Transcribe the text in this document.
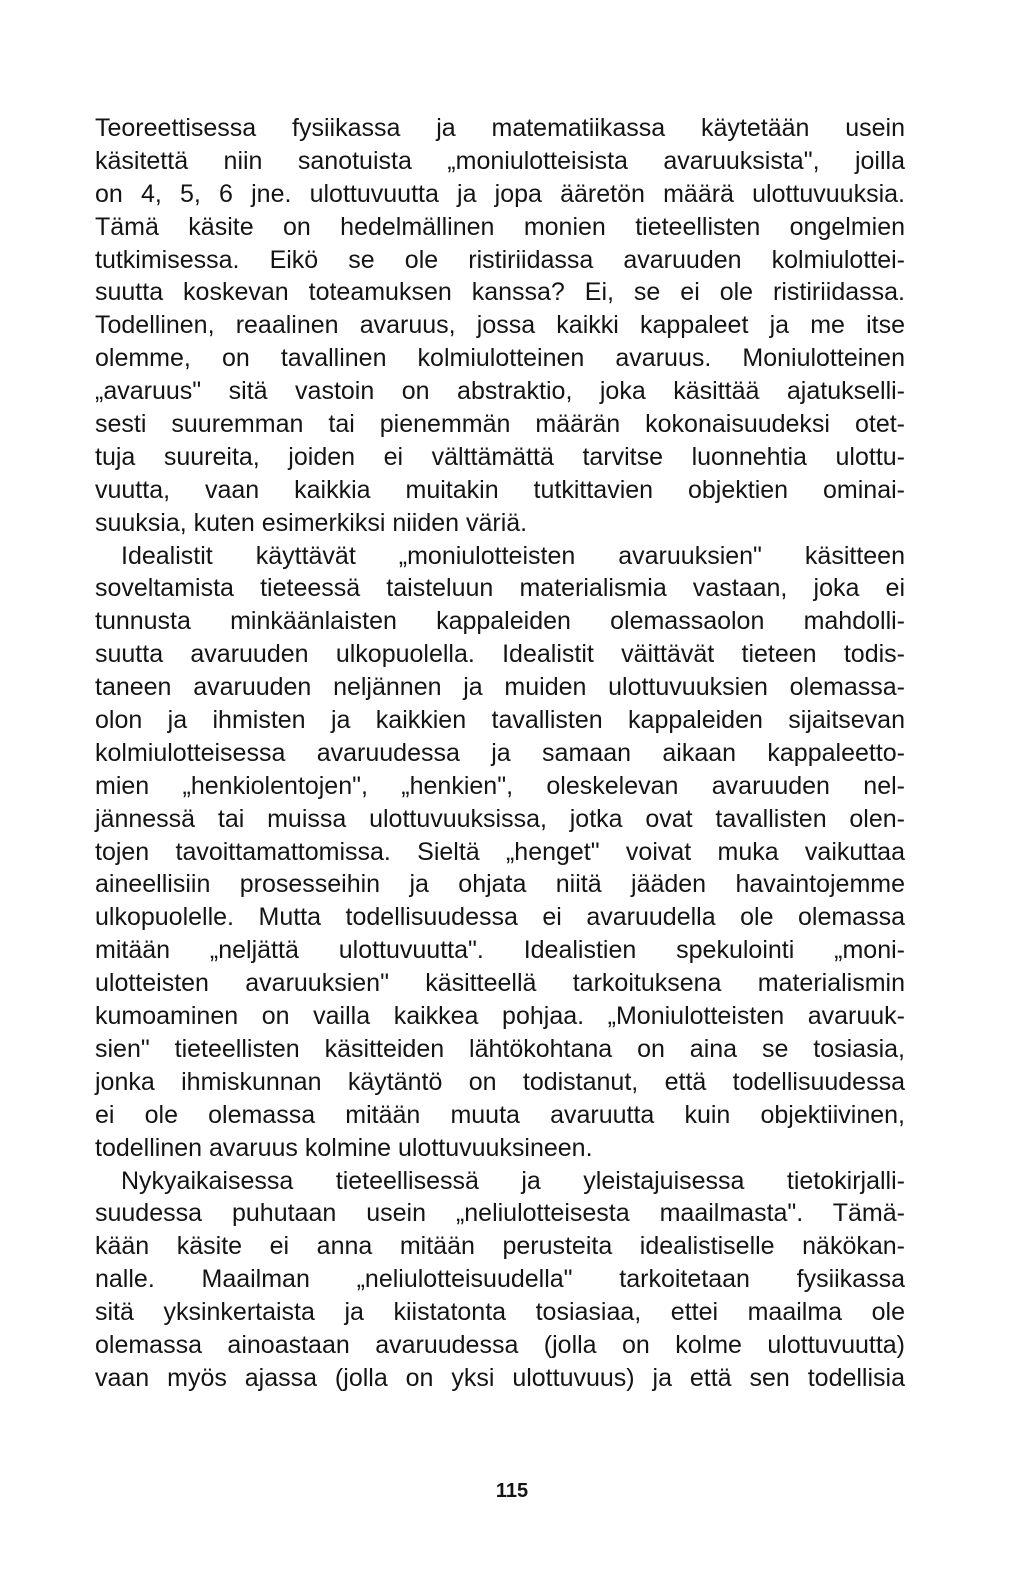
Teoreettisessa fysiikassa ja matematiikassa käytetään usein
käsitettä niin sanotuista „moniulotteisista avaruuksista", joilla
on 4, 5, 6 jne. ulottuvuutta ja jopa ääretön määrä ulottuvuuksia.
Tämä käsite on hedelmällinen monien tieteellisten ongelmien
tutkimisessa. Eikö se ole ristiriidassa avaruuden kolmiulottei-
suutta koskevan toteamuksen kanssa? Ei, se ei ole ristiriidassa.
Todellinen, reaalinen avaruus, jossa kaikki kappaleet ja me itse
olemme, on tavallinen kolmiulotteinen avaruus. Moniulotteinen
„avaruus" sitä vastoin on abstraktio, joka käsittää ajatukselli-
sesti suuremman tai pienemmän määrän kokonaisuudeksi otet-
tuja suureita, joiden ei välttämättä tarvitse luonnehtia ulottu-
vuutta, vaan kaikkia muitakin tutkittavien objektien ominai-
suuksia, kuten esimerkiksi niiden väriä.
Idealistit käyttävät „moniulotteisten avaruuksien" käsitteen
soveltamista tieteessä taisteluun materialismia vastaan, joka ei
tunnusta minkäänlaisten kappaleiden olemassaolon mahdolli-
suutta avaruuden ulkopuolella. Idealistit väittävät tieteen todis-
taneen avaruuden neljännen ja muiden ulottuvuuksien olemassa-
olon ja ihmisten ja kaikkien tavallisten kappaleiden sijaitsevan
kolmiulotteisessa avaruudessa ja samaan aikaan kappaleetto-
mien „henkiolentojen", „henkien", oleskelevan avaruuden nel-
jännessä tai muissa ulottuvuuksissa, jotka ovat tavallisten olen-
tojen tavoittamattomissa. Sieltä „henget" voivat muka vaikuttaa
aineellisiin prosesseihin ja ohjata niitä jääden havaintojemme
ulkopuolelle. Mutta todellisuudessa ei avaruudella ole olemassa
mitään „neljättä ulottuvuutta". Idealistien spekulointi „moni-
ulotteisten avaruuksien" käsitteellä tarkoituksena materialismin
kumoaminen on vailla kaikkea pohjaa. „Moniulotteisten avaruuk-
sien" tieteellisten käsitteiden lähtökohtana on aina se tosiasia,
jonka ihmiskunnan käytäntö on todistanut, että todellisuudessa
ei ole olemassa mitään muuta avaruutta kuin objektiivinen,
todellinen avaruus kolmine ulottuvuuksineen.
Nykyaikaisessa tieteellisessä ja yleistajuisessa tietokirjalli-
suudessa puhutaan usein „neliulotteisesta maailmasta". Tämä-
kään käsite ei anna mitään perusteita idealistiselle näkökan-
nalle. Maailman „neliulotteisuudella" tarkoitetaan fysiikassa
sitä yksinkertaista ja kiistatonta tosiasiaa, ettei maailma ole
olemassa ainoastaan avaruudessa (jolla on kolme ulottuvuutta)
vaan myös ajassa (jolla on yksi ulottuvuus) ja että sen todellisia
115
